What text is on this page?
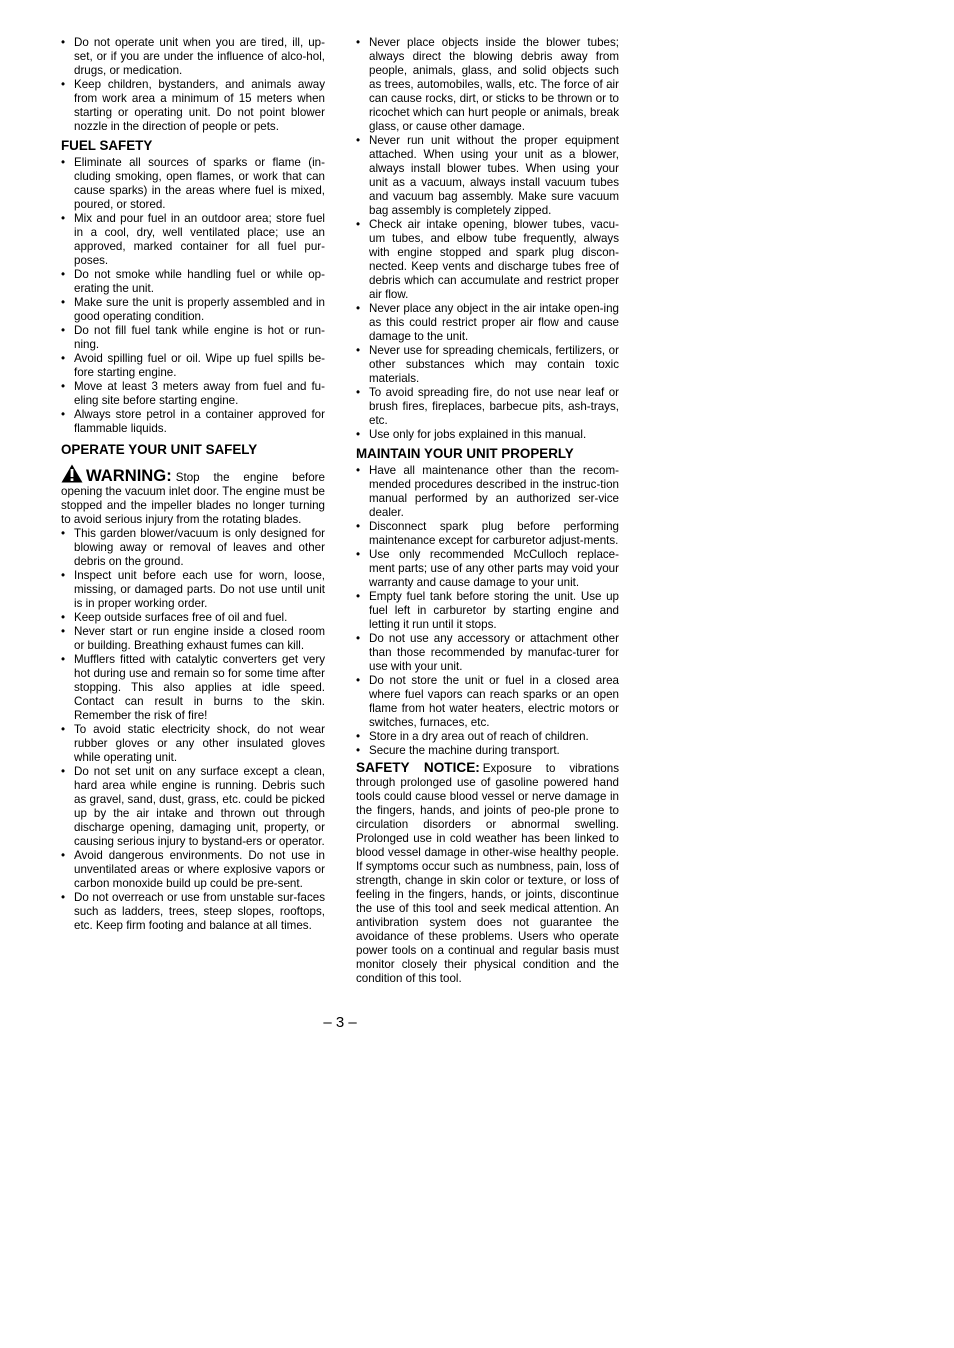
• Do not operate unit when you are tired, ill, up-set, or if you are under the influence of alco-hol, drugs, or medication.
• Keep children, bystanders, and animals away from work area a minimum of 15 meters when starting or operating unit. Do not point blower nozzle in the direction of people or pets.
FUEL SAFETY
• Eliminate all sources of sparks or flame (in-cluding smoking, open flames, or work that can cause sparks) in the areas where fuel is mixed, poured, or stored.
• Mix and pour fuel in an outdoor area; store fuel in a cool, dry, well ventilated place; use an approved, marked container for all fuel pur-poses.
• Do not smoke while handling fuel or while op-erating the unit.
• Make sure the unit is properly assembled and in good operating condition.
• Do not fill fuel tank while engine is hot or run-ning.
• Avoid spilling fuel or oil. Wipe up fuel spills be-fore starting engine.
• Move at least 3 meters away from fuel and fu-eling site before starting engine.
• Always store petrol in a container approved for flammable liquids.
OPERATE YOUR UNIT SAFELY

WARNING: Stop the engine before opening the vacuum inlet door. The engine must be stopped and the impeller blades no longer turning to avoid serious injury from the rotating blades.

• This garden blower/vacuum is only designed for blowing away or removal of leaves and other debris on the ground.
• Inspect unit before each use for worn, loose, missing, or damaged parts. Do not use until unit is in proper working order.
• Keep outside surfaces free of oil and fuel.
• Never start or run engine inside a closed room or building. Breathing exhaust fumes can kill.
• Mufflers fitted with catalytic converters get very hot during use and remain so for some time after stopping. This also applies at idle speed. Contact can result in burns to the skin. Remember the risk of fire!
• To avoid static electricity shock, do not wear rubber gloves or any other insulated gloves while operating unit.
• Do not set unit on any surface except a clean, hard area while engine is running. Debris such as gravel, sand, dust, grass, etc. could be picked up by the air intake and thrown out through discharge opening, damaging unit, property, or causing serious injury to bystand-ers or operator.
• Avoid dangerous environments. Do not use in unventilated areas or where explosive vapors or carbon monoxide build up could be pre-sent.
• Do not overreach or use from unstable sur-faces such as ladders, trees, steep slopes, rooftops, etc. Keep firm footing and balance at all times.
• Never place objects inside the blower tubes; always direct the blowing debris away from people, animals, glass, and solid objects such as trees, automobiles, walls, etc. The force of air can cause rocks, dirt, or sticks to be thrown or to ricochet which can hurt people or animals, break glass, or cause other damage.
• Never run unit without the proper equipment attached. When using your unit as a blower, always install blower tubes. When using your unit as a vacuum, always install vacuum tubes and vacuum bag assembly. Make sure vacuum bag assembly is completely zipped.
• Check air intake opening, blower tubes, vacu-um tubes, and elbow tube frequently, always with engine stopped and spark plug discon-nected. Keep vents and discharge tubes free of debris which can accumulate and restrict proper air flow.
• Never place any object in the air intake open-ing as this could restrict proper air flow and cause damage to the unit.
• Never use for spreading chemicals, fertilizers, or other substances which may contain toxic materials.
• To avoid spreading fire, do not use near leaf or brush fires, fireplaces, barbecue pits, ash-trays, etc.
• Use only for jobs explained in this manual.
MAINTAIN YOUR UNIT PROPERLY
• Have all maintenance other than the recom-mended procedures described in the instruc-tion manual performed by an authorized ser-vice dealer.
• Disconnect spark plug before performing maintenance except for carburetor adjust-ments.
• Use only recommended McCulloch replace-ment parts; use of any other parts may void your warranty and cause damage to your unit.
• Empty fuel tank before storing the unit. Use up fuel left in carburetor by starting engine and letting it run until it stops.
• Do not use any accessory or attachment other than those recommended by manufac-turer for use with your unit.
• Do not store the unit or fuel in a closed area where fuel vapors can reach sparks or an open flame from hot water heaters, electric motors or switches, furnaces, etc.
• Store in a dry area out of reach of children.
• Secure the machine during transport.

SAFETY NOTICE: Exposure to vibrations through prolonged use of gasoline powered hand tools could cause blood vessel or nerve damage in the fingers, hands, and joints of peo-ple prone to circulation disorders or abnormal swelling. Prolonged use in cold weather has been linked to blood vessel damage in other-wise healthy people. If symptoms occur such as numbness, pain, loss of strength, change in skin color or texture, or loss of feeling in the fingers, hands, or joints, discontinue the use of this tool and seek medical attention. An antivibration system does not guarantee the avoidance of these problems. Users who operate power tools on a continual and regular basis must monitor closely their physical condition and the condition of this tool.

– 3 –
